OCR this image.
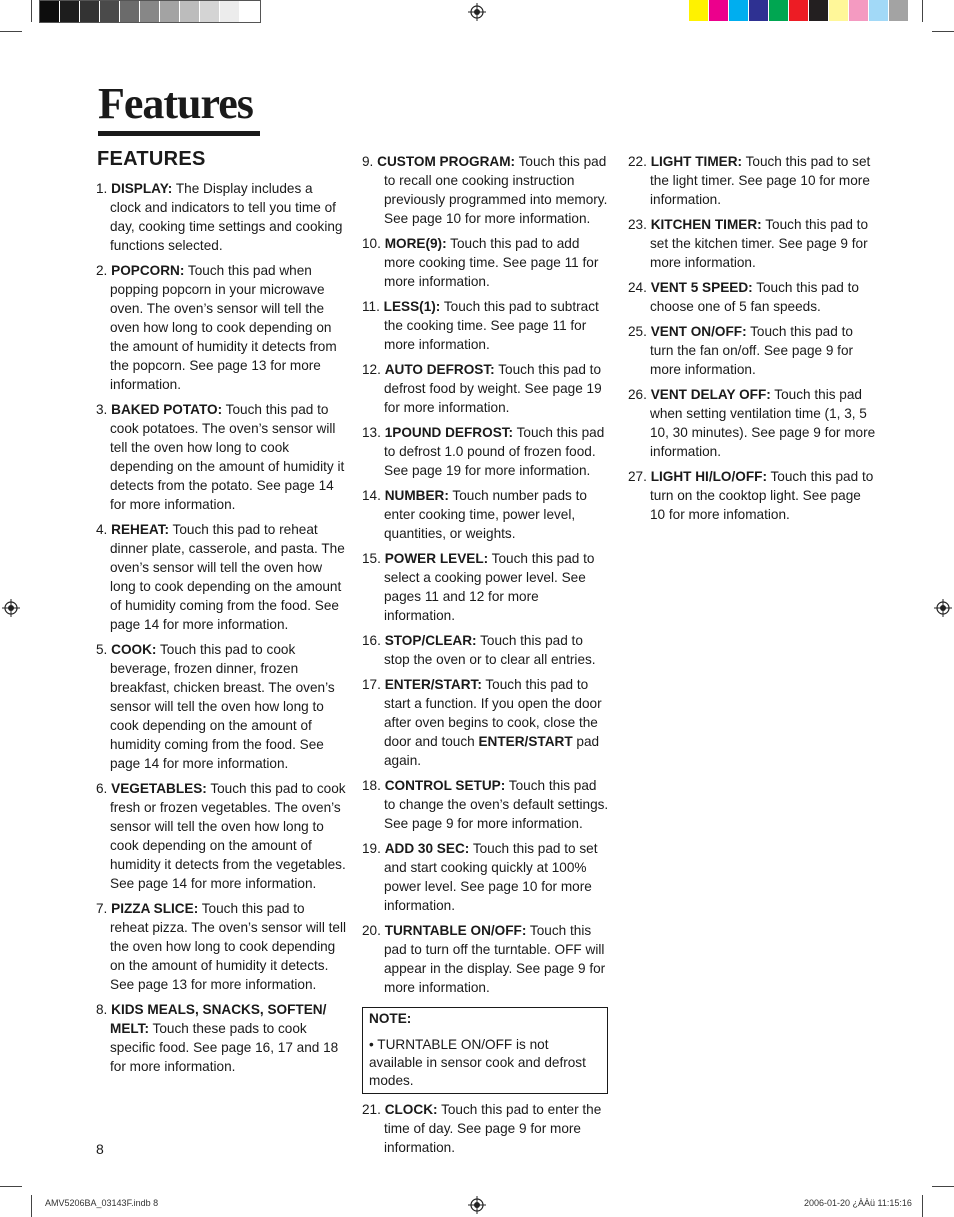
Features
FEATURES
1. DISPLAY: The Display includes a clock and indicators to tell you time of day, cooking time settings and cooking functions selected.
2. POPCORN: Touch this pad when popping popcorn in your microwave oven. The oven’s sensor will tell the oven how long to cook depending on the amount of humidity it detects from the popcorn. See page 13 for more information.
3. BAKED POTATO: Touch this pad to cook potatoes. The oven’s sensor will tell the oven how long to cook depending on the amount of humidity it detects from the potato. See page 14 for more information.
4. REHEAT: Touch this pad to reheat dinner plate, casserole, and pasta. The oven’s sensor will tell the oven how long to cook depending on the amount of humidity coming from the food. See page 14 for more information.
5. COOK: Touch this pad to cook beverage, frozen dinner, frozen breakfast, chicken breast. The oven’s sensor will tell the oven how long to cook depending on the amount of humidity coming from the food. See page 14 for more information.
6. VEGETABLES: Touch this pad to cook fresh or frozen vegetables. The oven’s sensor will tell the oven how long to cook depending on the amount of humidity it detects from the vegetables. See page 14 for more information.
7. PIZZA SLICE: Touch this pad to reheat pizza. The oven’s sensor will tell the oven how long to cook depending on the amount of humidity it detects. See page 13 for more information.
8. KIDS MEALS, SNACKS, SOFTEN/ MELT: Touch these pads to cook specific food. See page 16, 17 and 18 for more information.
9. CUSTOM PROGRAM: Touch this pad to recall one cooking instruction previously programmed into memory. See page 10 for more information.
10. MORE(9): Touch this pad to add more cooking time. See page 11 for more information.
11. LESS(1): Touch this pad to subtract the cooking time. See page 11 for more information.
12. AUTO DEFROST: Touch this pad to defrost food by weight. See page 19 for more information.
13. 1POUND DEFROST: Touch this pad to defrost 1.0 pound of frozen food. See page 19 for more information.
14. NUMBER: Touch number pads to enter cooking time, power level, quantities, or weights.
15. POWER LEVEL: Touch this pad to select a cooking power level. See pages 11 and 12 for more information.
16. STOP/CLEAR: Touch this pad to stop the oven or to clear all entries.
17. ENTER/START: Touch this pad to start a function. If you open the door after oven begins to cook, close the door and touch ENTER/START pad again.
18. CONTROL SETUP: Touch this pad to change the oven’s default settings. See page 9 for more information.
19. ADD 30 SEC: Touch this pad to set and start cooking quickly at 100% power level. See page 10 for more information.
20. TURNTABLE ON/OFF: Touch this pad to turn off the turntable. OFF will appear in the display. See page 9 for more information.
NOTE:
• TURNTABLE ON/OFF is not available in sensor cook and defrost modes.
21. CLOCK: Touch this pad to enter the time of day. See page 9 for more information.
22. LIGHT TIMER: Touch this pad to set the light timer. See page 10 for more information.
23. KITCHEN TIMER: Touch this pad to set the kitchen timer. See page 9 for more information.
24. VENT 5 SPEED: Touch this pad to choose one of 5 fan speeds.
25. VENT ON/OFF: Touch this pad to turn the fan on/off. See page 9 for more information.
26. VENT DELAY OFF: Touch this pad when setting ventilation time (1, 3, 5 10, 30 minutes). See page 9 for more information.
27. LIGHT HI/LO/OFF: Touch this pad to turn on the cooktop light. See page 10 for more infomation.
8
AMV5206BA_03143F.indb 8	2006-01-20 ¿ÀÀü 11:15:16
